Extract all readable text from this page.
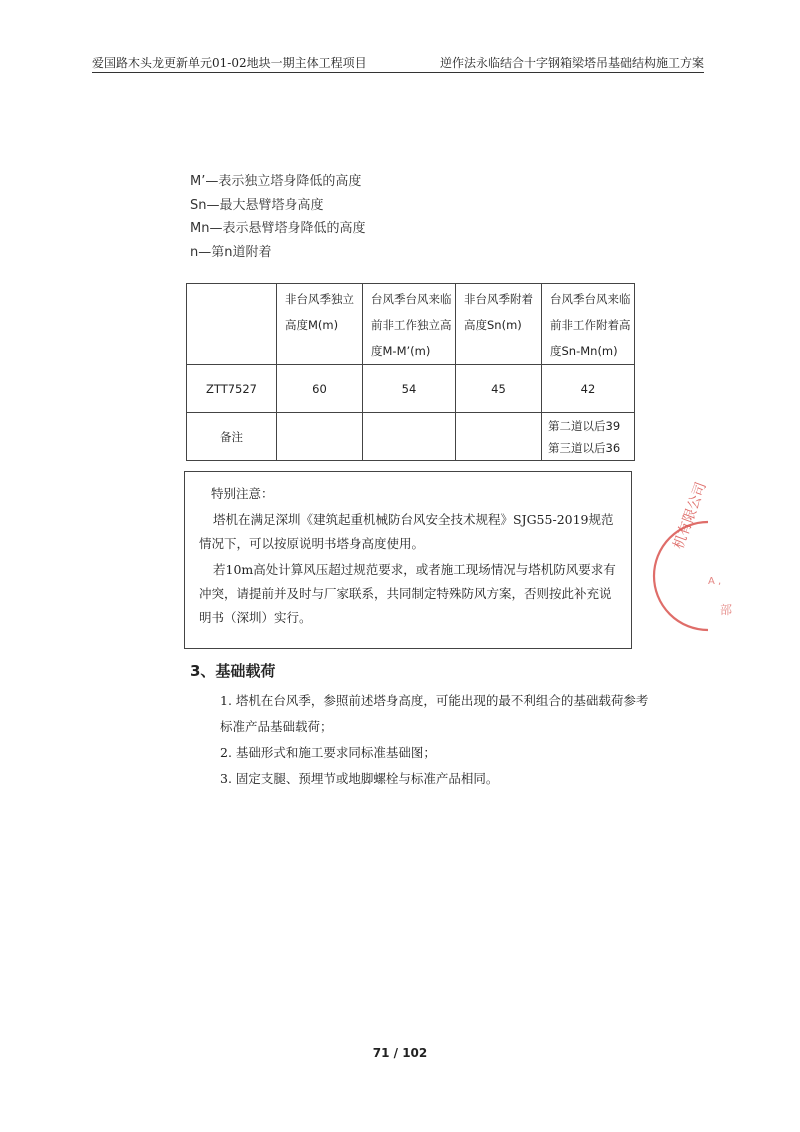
爱国路木头龙更新单元01-02地块一期主体工程项目	逆作法永临结合十字钢箱梁塔吊基础结构施工方案
M’—表示独立塔身降低的高度
Sn—最大悬臂塔身高度
Mn—表示悬臂塔身降低的高度
n—第n道附着
	非台风季独立高度M(m)	台风季台风来临前非工作独立高度M-M’(m)	非台风季附着高度Sn(m)	台风季台风来临前非工作附着高度Sn-Mn(m)
ZTT7527	60	54	45	42
备注				第二道以后39
第三道以后36
特别注意：
塔机在满足深圳《建筑起重机械防台风安全技术规程》SJG55-2019规范情况下，可以按原说明书塔身高度使用。
若10m高处计算风压超过规范要求，或者施工现场情况与塔机防风要求有冲突，请提前并及时与厂家联系，共同制定特殊防风方案，否则按此补充说明书（深圳）实行。
机有限公司
A ,
部
3、基础载荷
1. 塔机在台风季，参照前述塔身高度，可能出现的最不利组合的基础载荷参考标准产品基础载荷；
2. 基础形式和施工要求同标准基础图；
3. 固定支腿、预埋节或地脚螺栓与标准产品相同。
71 / 102
